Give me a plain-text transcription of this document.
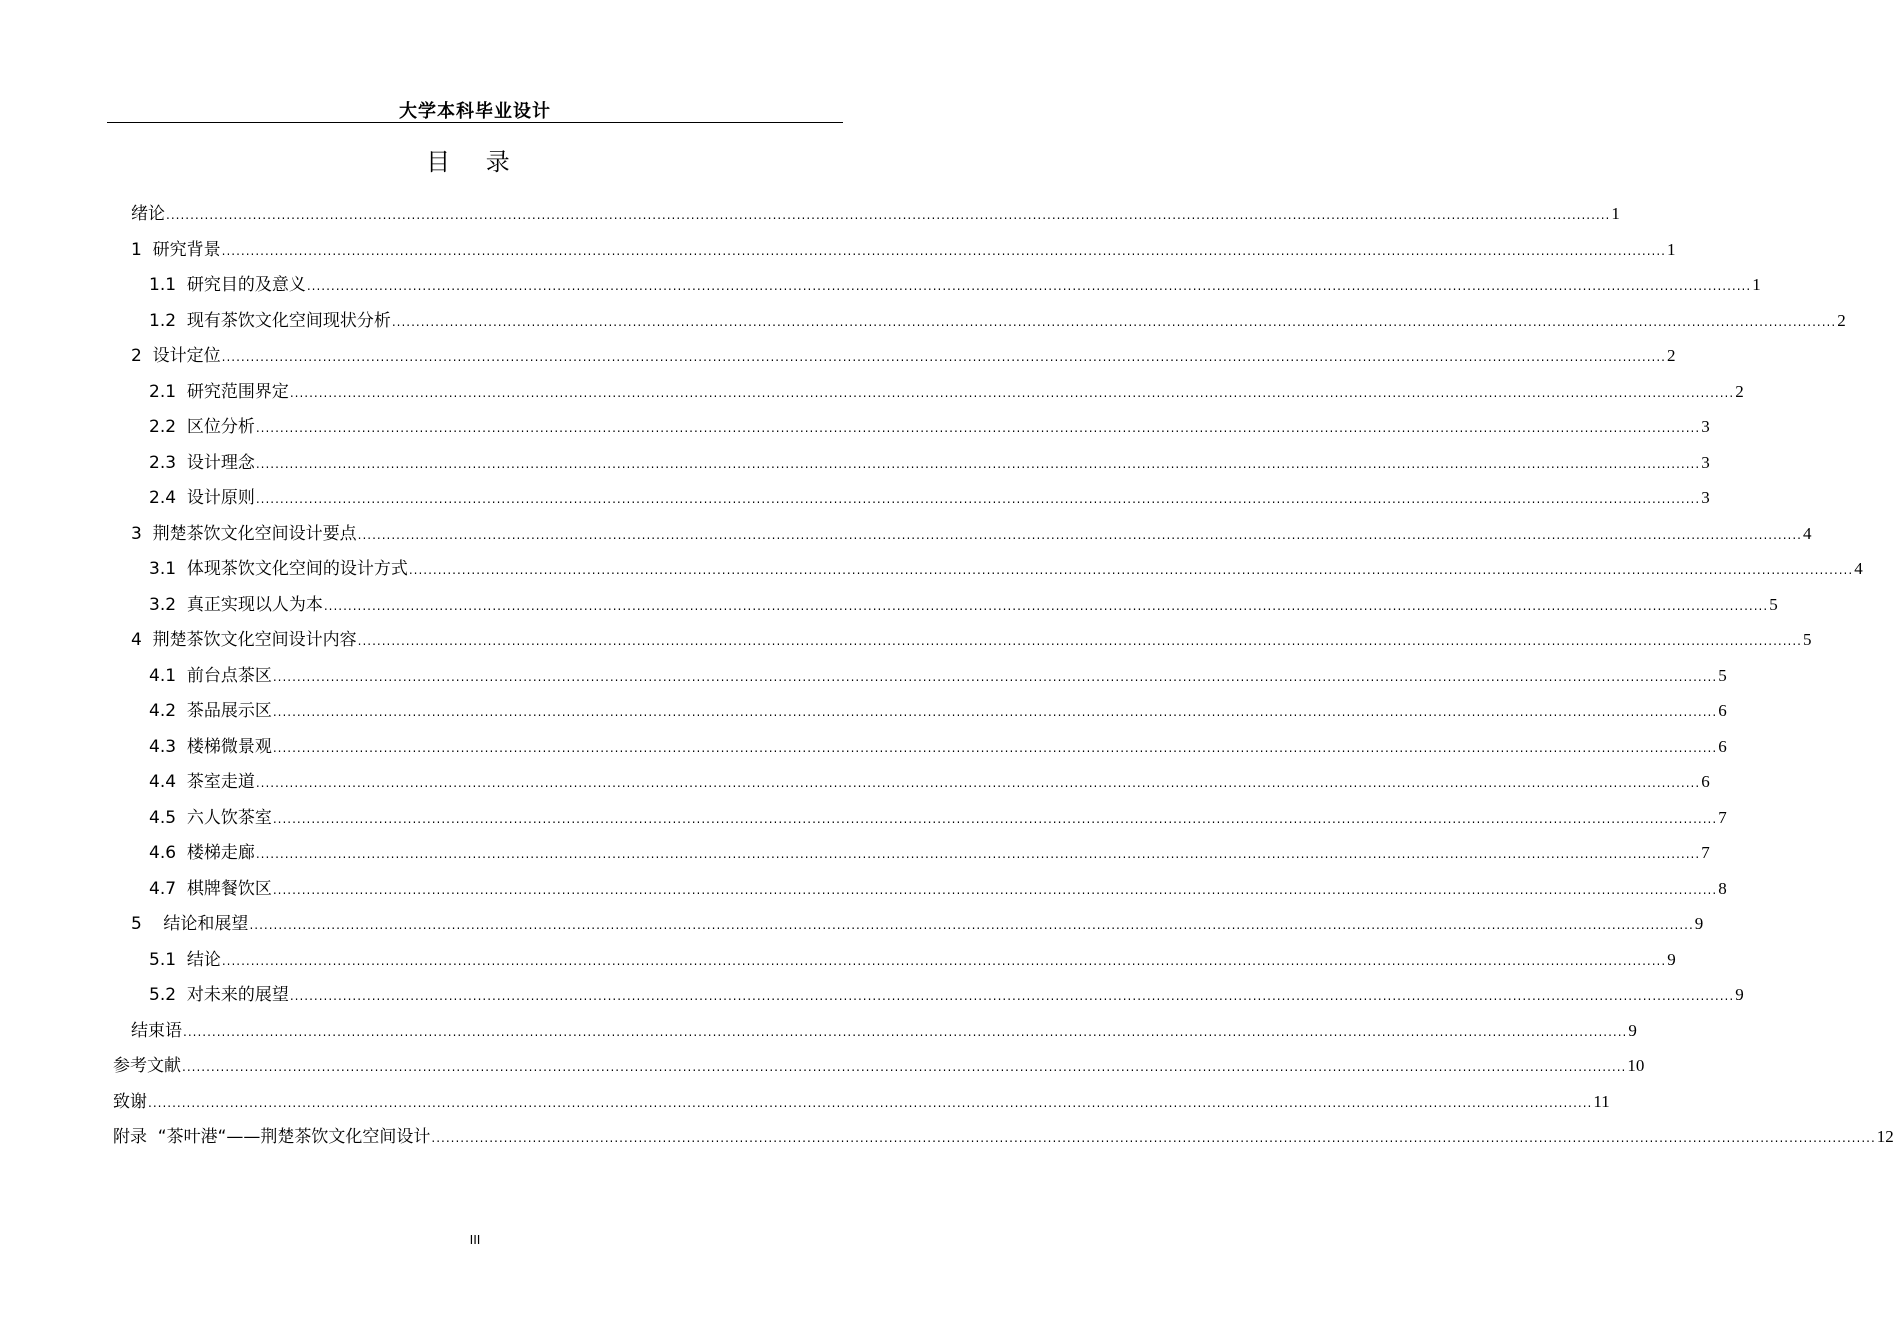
大学本科毕业设计
目 录
绪论 ............................................................................................................................................................................................................................................................................................................ 1
1  研究背景 ............................................................................................................................................................................................................................................................................................................ 1
1.1  研究目的及意义 ............................................................................................................................................................................................................................................................................................................ 1
1.2  现有茶饮文化空间现状分析 ............................................................................................................................................................................................................................................................................................................ 2
2  设计定位 ............................................................................................................................................................................................................................................................................................................ 2
2.1  研究范围界定 ............................................................................................................................................................................................................................................................................................................ 2
2.2  区位分析 ............................................................................................................................................................................................................................................................................................................ 3
2.3  设计理念 ............................................................................................................................................................................................................................................................................................................ 3
2.4  设计原则 ............................................................................................................................................................................................................................................................................................................ 3
3  荆楚茶饮文化空间设计要点 ............................................................................................................................................................................................................................................................................................................ 4
3.1  体现茶饮文化空间的设计方式 ............................................................................................................................................................................................................................................................................................................ 4
3.2  真正实现以人为本 ............................................................................................................................................................................................................................................................................................................ 5
4  荆楚茶饮文化空间设计内容 ............................................................................................................................................................................................................................................................................................................ 5
4.1  前台点茶区 ............................................................................................................................................................................................................................................................................................................ 5
4.2  茶品展示区 ............................................................................................................................................................................................................................................................................................................ 6
4.3  楼梯微景观 ............................................................................................................................................................................................................................................................................................................ 6
4.4  茶室走道 ............................................................................................................................................................................................................................................................................................................ 6
4.5  六人饮茶室 ............................................................................................................................................................................................................................................................................................................ 7
4.6  楼梯走廊 ............................................................................................................................................................................................................................................................................................................ 7
4.7  棋牌餐饮区 ............................................................................................................................................................................................................................................................................................................ 8
5    结论和展望 ............................................................................................................................................................................................................................................................................................................ 9
5.1  结论 ............................................................................................................................................................................................................................................................................................................ 9
5.2  对未来的展望 ............................................................................................................................................................................................................................................................................................................ 9
结束语 ............................................................................................................................................................................................................................................................................................................ 9
参考文献 ............................................................................................................................................................................................................................................................................................................ 10
致谢 ............................................................................................................................................................................................................................................................................................................ 11
附录  “茶叶港“——荆楚茶饮文化空间设计 ............................................................................................................................................................................................................................................................................................................ 12
III
